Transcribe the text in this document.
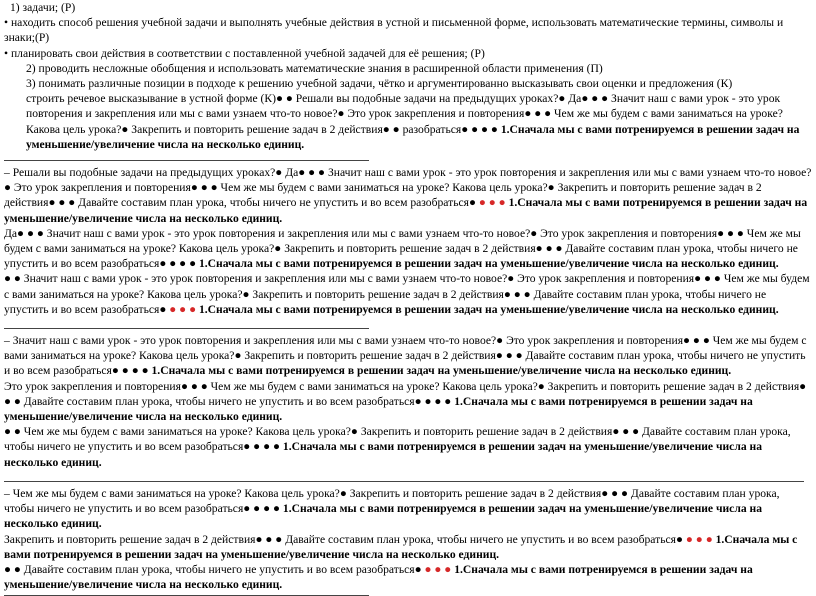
1) задачи; (Р)

• находить способ решения учебной задачи и выполнять учебные действия в устной и письменной форме, использовать математические термины, символы и знаки;(Р)

• планировать свои действия в соответствии с поставленной учебной задачей для её решения; (Р)

2) проводить несложные обобщения и использовать математические знания в расширенной области применения (П)

3) понимать различные позиции в подходе к решению учебной задачи, чётко и аргументированно высказывать свои оценки и предложения (К)

строить речевое высказывание в устной форме (К)● ● Решали вы подобные задачи на предыдущих уроках?● Да● ● ● Значит наш с вами урок - это урок повторения и закрепления или мы с вами узнаем что-то новое?● Это урок закрепления и повторения● ● ● Чем же мы будем с вами заниматься на уроке? Какова цель урока?● Закрепить и повторить решение задач в 2 действия● ● разобраться● ● ● ● 1.Сначала мы с вами потренируемся в решении задач на уменьшение/увеличение числа на несколько единиц.

– Решали вы подобные задачи на предыдущих уроках?● Да● ● ● Значит наш с вами урок - это урок повторения и закрепления или мы с вами узнаем что-то новое?● Это урок закрепления и повторения● ● ● Чем же мы будем с вами заниматься на уроке? Какова цель урока?● Закрепить и повторить решение задач в 2 действия● ● ● Давайте составим план урока, чтобы ничего не упустить и во всем разобраться● ● ● ● 1.Сначала мы с вами потренируемся в решении задач на уменьшение/увеличение числа на несколько единиц.

Да● ● ● Значит наш с вами урок - это урок повторения и закрепления или мы с вами узнаем что-то новое?● Это урок закрепления и повторения● ● ● Чем же мы будем с вами заниматься на уроке? Какова цель урока?● Закрепить и повторить решение задач в 2 действия● ● ● Давайте составим план урока, чтобы ничего не упустить и во всем разобраться● ● ● ● 1.Сначала мы с вами потренируемся в решении задач на уменьшение/увеличение числа на несколько единиц.

● ● Значит наш с вами урок - это урок повторения и закрепления или мы с вами узнаем что-то новое?● Это урок закрепления и повторения● ● ● Чем же мы будем с вами заниматься на уроке? Какова цель урока?● Закрепить и повторить решение задач в 2 действия● ● ● Давайте составим план урока, чтобы ничего не упустить и во всем разобраться● ● ● ● 1.Сначала мы с вами потренируемся в решении задач на уменьшение/увеличение числа на несколько единиц.

– Значит наш с вами урок - это урок повторения и закрепления или мы с вами узнаем что-то новое?● Это урок закрепления и повторения● ● ● Чем же мы будем с вами заниматься на уроке? Какова цель урока?● Закрепить и повторить решение задач в 2 действия● ● ● Давайте составим план урока, чтобы ничего не упустить и во всем разобраться● ● ● ● 1.Сначала мы с вами потренируемся в решении задач на уменьшение/увеличение числа на несколько единиц.

Это урок закрепления и повторения● ● ● Чем же мы будем с вами заниматься на уроке? Какова цель урока?● Закрепить и повторить решение задач в 2 действия● ● ● Давайте составим план урока, чтобы ничего не упустить и во всем разобраться● ● ● ● 1.Сначала мы с вами потренируемся в решении задач на уменьшение/увеличение числа на несколько единиц.

● ● Чем же мы будем с вами заниматься на уроке? Какова цель урока?● Закрепить и повторить решение задач в 2 действия● ● ● Давайте составим план урока, чтобы ничего не упустить и во всем разобраться● ● ● ● 1.Сначала мы с вами потренируемся в решении задач на уменьшение/увеличение числа на несколько единиц.

– Чем же мы будем с вами заниматься на уроке? Какова цель урока?● Закрепить и повторить решение задач в 2 действия● ● ● Давайте составим план урока, чтобы ничего не упустить и во всем разобраться● ● ● ● 1.Сначала мы с вами потренируемся в решении задач на уменьшение/увеличение числа на несколько единиц.

Закрепить и повторить решение задач в 2 действия● ● ● Давайте составим план урока, чтобы ничего не упустить и во всем разобраться● ● ● ● 1.Сначала мы с вами потренируемся в решении задач на уменьшение/увеличение числа на несколько единиц.

● ● Давайте составим план урока, чтобы ничего не упустить и во всем разобраться● ● ● ● 1.Сначала мы с вами потренируемся в решении задач на уменьшение/увеличение числа на несколько единиц.
